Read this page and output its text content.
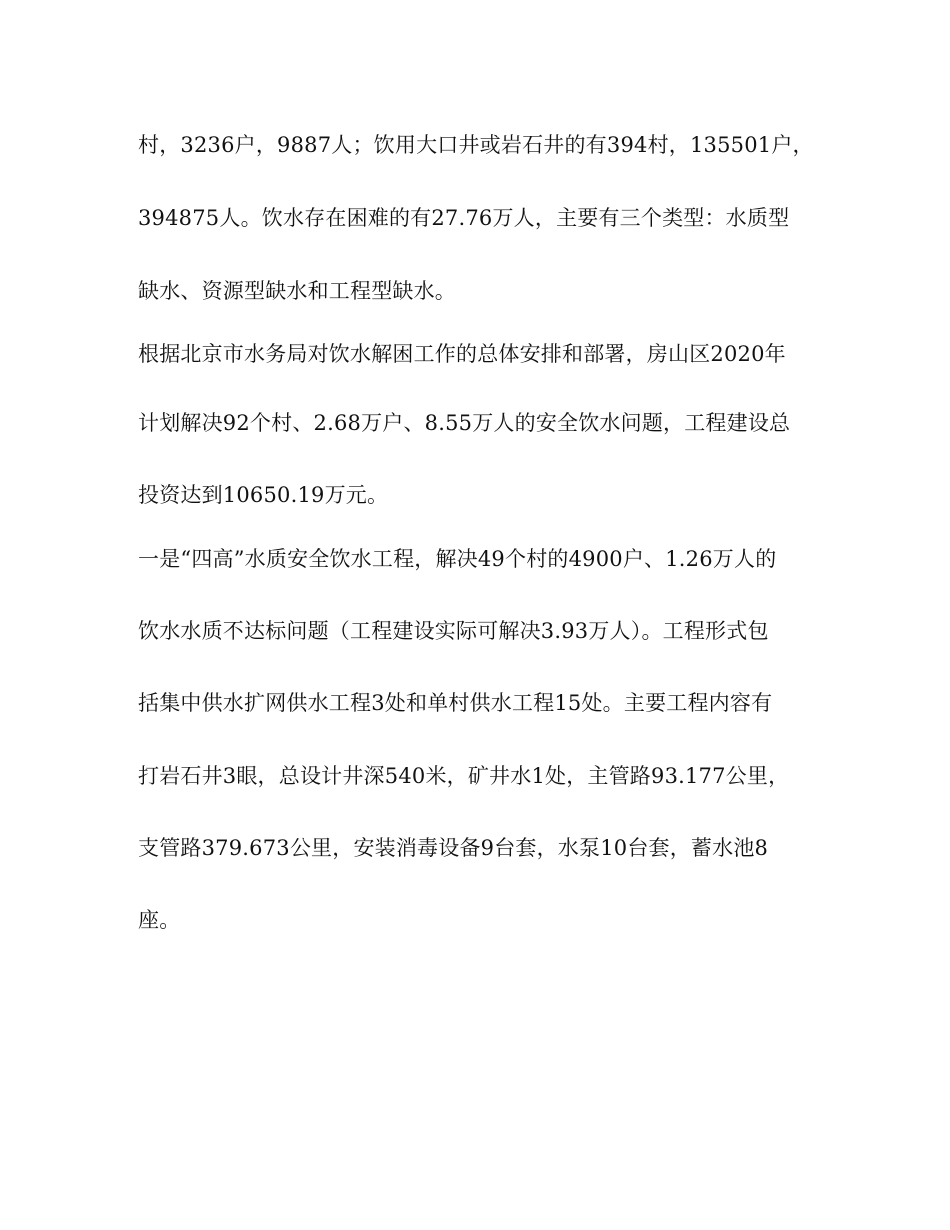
村，3236户，9887人；饮用大口井或岩石井的有394村，135501户，
394875人。饮水存在困难的有27.76万人，主要有三个类型：水质型
缺水、资源型缺水和工程型缺水。
根据北京市水务局对饮水解困工作的总体安排和部署，房山区2020年
计划解决92个村、2.68万户、8.55万人的安全饮水问题，工程建设总
投资达到10650.19万元。
一是“四高”水质安全饮水工程，解决49个村的4900户、1.26万人的
饮水水质不达标问题（工程建设实际可解决3.93万人）。工程形式包
括集中供水扩网供水工程3处和单村供水工程15处。主要工程内容有
打岩石井3眼，总设计井深540米，矿井水1处，主管路93.177公里，
支管路379.673公里，安装消毒设备9台套，水泵10台套，蓄水池8
座。
